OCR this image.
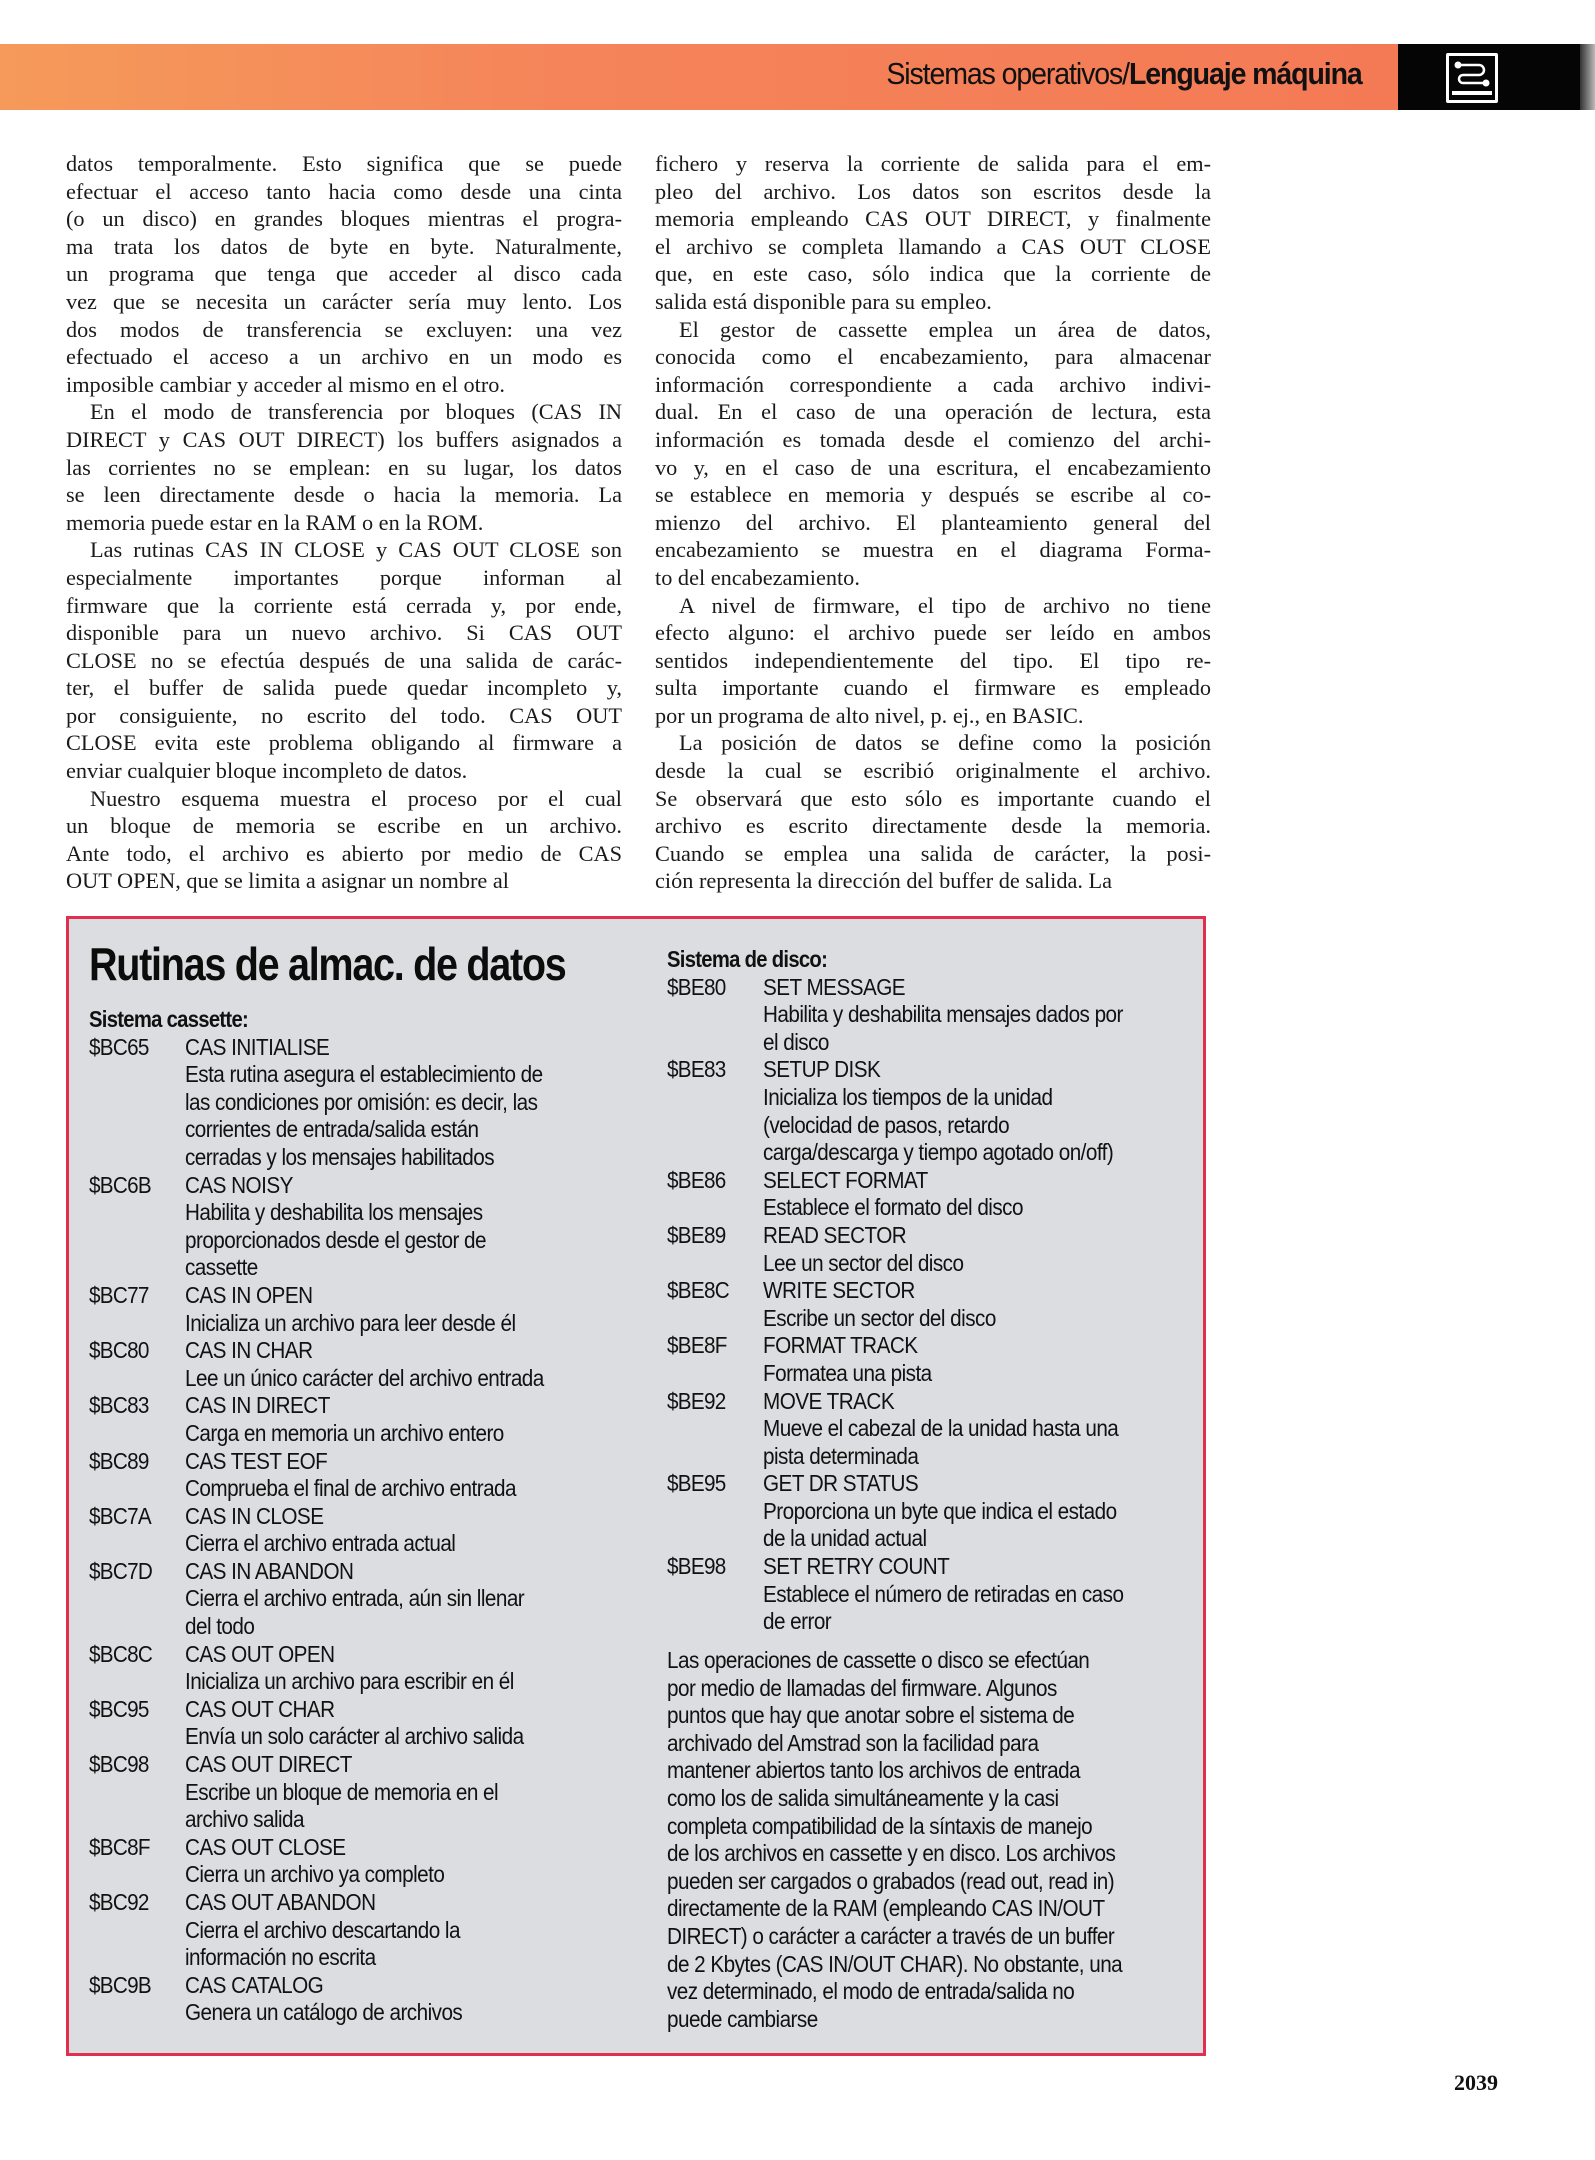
Sistemas operativos/Lenguaje máquina

datos temporalmente. Esto significa que se puede
efectuar el acceso tanto hacia como desde una cinta
(o un disco) en grandes bloques mientras el progra-
ma trata los datos de byte en byte. Naturalmente,
un programa que tenga que acceder al disco cada
vez que se necesita un carácter sería muy lento. Los
dos modos de transferencia se excluyen: una vez
efectuado el acceso a un archivo en un modo es
imposible cambiar y acceder al mismo en el otro.

En el modo de transferencia por bloques (CAS IN
DIRECT y CAS OUT DIRECT) los buffers asignados a
las corrientes no se emplean: en su lugar, los datos
se leen directamente desde o hacia la memoria. La
memoria puede estar en la RAM o en la ROM.

Las rutinas CAS IN CLOSE y CAS OUT CLOSE son
especialmente importantes porque informan al
firmware que la corriente está cerrada y, por ende,
disponible para un nuevo archivo. Si CAS OUT
CLOSE no se efectúa después de una salida de carác-
ter, el buffer de salida puede quedar incompleto y,
por consiguiente, no escrito del todo. CAS OUT
CLOSE evita este problema obligando al firmware a
enviar cualquier bloque incompleto de datos.

Nuestro esquema muestra el proceso por el cual
un bloque de memoria se escribe en un archivo.
Ante todo, el archivo es abierto por medio de CAS
OUT OPEN, que se limita a asignar un nombre al

fichero y reserva la corriente de salida para el em-
pleo del archivo. Los datos son escritos desde la
memoria empleando CAS OUT DIRECT, y finalmente
el archivo se completa llamando a CAS OUT CLOSE
que, en este caso, sólo indica que la corriente de
salida está disponible para su empleo.

El gestor de cassette emplea un área de datos,
conocida como el encabezamiento, para almacenar
información correspondiente a cada archivo indivi-
dual. En el caso de una operación de lectura, esta
información es tomada desde el comienzo del archi-
vo y, en el caso de una escritura, el encabezamiento
se establece en memoria y después se escribe al co-
mienzo del archivo. El planteamiento general del
encabezamiento se muestra en el diagrama Forma-
to del encabezamiento.

A nivel de firmware, el tipo de archivo no tiene
efecto alguno: el archivo puede ser leído en ambos
sentidos independientemente del tipo. El tipo re-
sulta importante cuando el firmware es empleado
por un programa de alto nivel, p. ej., en BASIC.

La posición de datos se define como la posición
desde la cual se escribió originalmente el archivo.
Se observará que esto sólo es importante cuando el
archivo es escrito directamente desde la memoria.
Cuando se emplea una salida de carácter, la posi-
ción representa la dirección del buffer de salida. La

Rutinas de almac. de datos
Sistema cassette:
$BC65	CAS INITIALISE
Esta rutina asegura el establecimiento de
las condiciones por omisión: es decir, las
corrientes de entrada/salida están
cerradas y los mensajes habilitados
$BC6B	CAS NOISY
Habilita y deshabilita los mensajes
proporcionados desde el gestor de
cassette
$BC77	CAS IN OPEN
Inicializa un archivo para leer desde él
$BC80	CAS IN CHAR
Lee un único carácter del archivo entrada
$BC83	CAS IN DIRECT
Carga en memoria un archivo entero
$BC89	CAS TEST EOF
Comprueba el final de archivo entrada
$BC7A	CAS IN CLOSE
Cierra el archivo entrada actual
$BC7D	CAS IN ABANDON
Cierra el archivo entrada, aún sin llenar
del todo
$BC8C	CAS OUT OPEN
Inicializa un archivo para escribir en él
$BC95	CAS OUT CHAR
Envía un solo carácter al archivo salida
$BC98	CAS OUT DIRECT
Escribe un bloque de memoria en el
archivo salida
$BC8F	CAS OUT CLOSE
Cierra un archivo ya completo
$BC92	CAS OUT ABANDON
Cierra el archivo descartando la
información no escrita
$BC9B	CAS CATALOG
Genera un catálogo de archivos
Sistema de disco:
$BE80	SET MESSAGE
Habilita y deshabilita mensajes dados por
el disco
$BE83	SETUP DISK
Inicializa los tiempos de la unidad
(velocidad de pasos, retardo
carga/descarga y tiempo agotado on/off)
$BE86	SELECT FORMAT
Establece el formato del disco
$BE89	READ SECTOR
Lee un sector del disco
$BE8C	WRITE SECTOR
Escribe un sector del disco
$BE8F	FORMAT TRACK
Formatea una pista
$BE92	MOVE TRACK
Mueve el cabezal de la unidad hasta una
pista determinada
$BE95	GET DR STATUS
Proporciona un byte que indica el estado
de la unidad actual
$BE98	SET RETRY COUNT
Establece el número de retiradas en caso
de error
Las operaciones de cassette o disco se efectúan
por medio de llamadas del firmware. Algunos
puntos que hay que anotar sobre el sistema de
archivado del Amstrad son la facilidad para
mantener abiertos tanto los archivos de entrada
como los de salida simultáneamente y la casi
completa compatibilidad de la síntaxis de manejo
de los archivos en cassette y en disco. Los archivos
pueden ser cargados o grabados (read out, read in)
directamente de la RAM (empleando CAS IN/OUT
DIRECT) o carácter a carácter a través de un buffer
de 2 Kbytes (CAS IN/OUT CHAR). No obstante, una
vez determinado, el modo de entrada/salida no
puede cambiarse
2039
